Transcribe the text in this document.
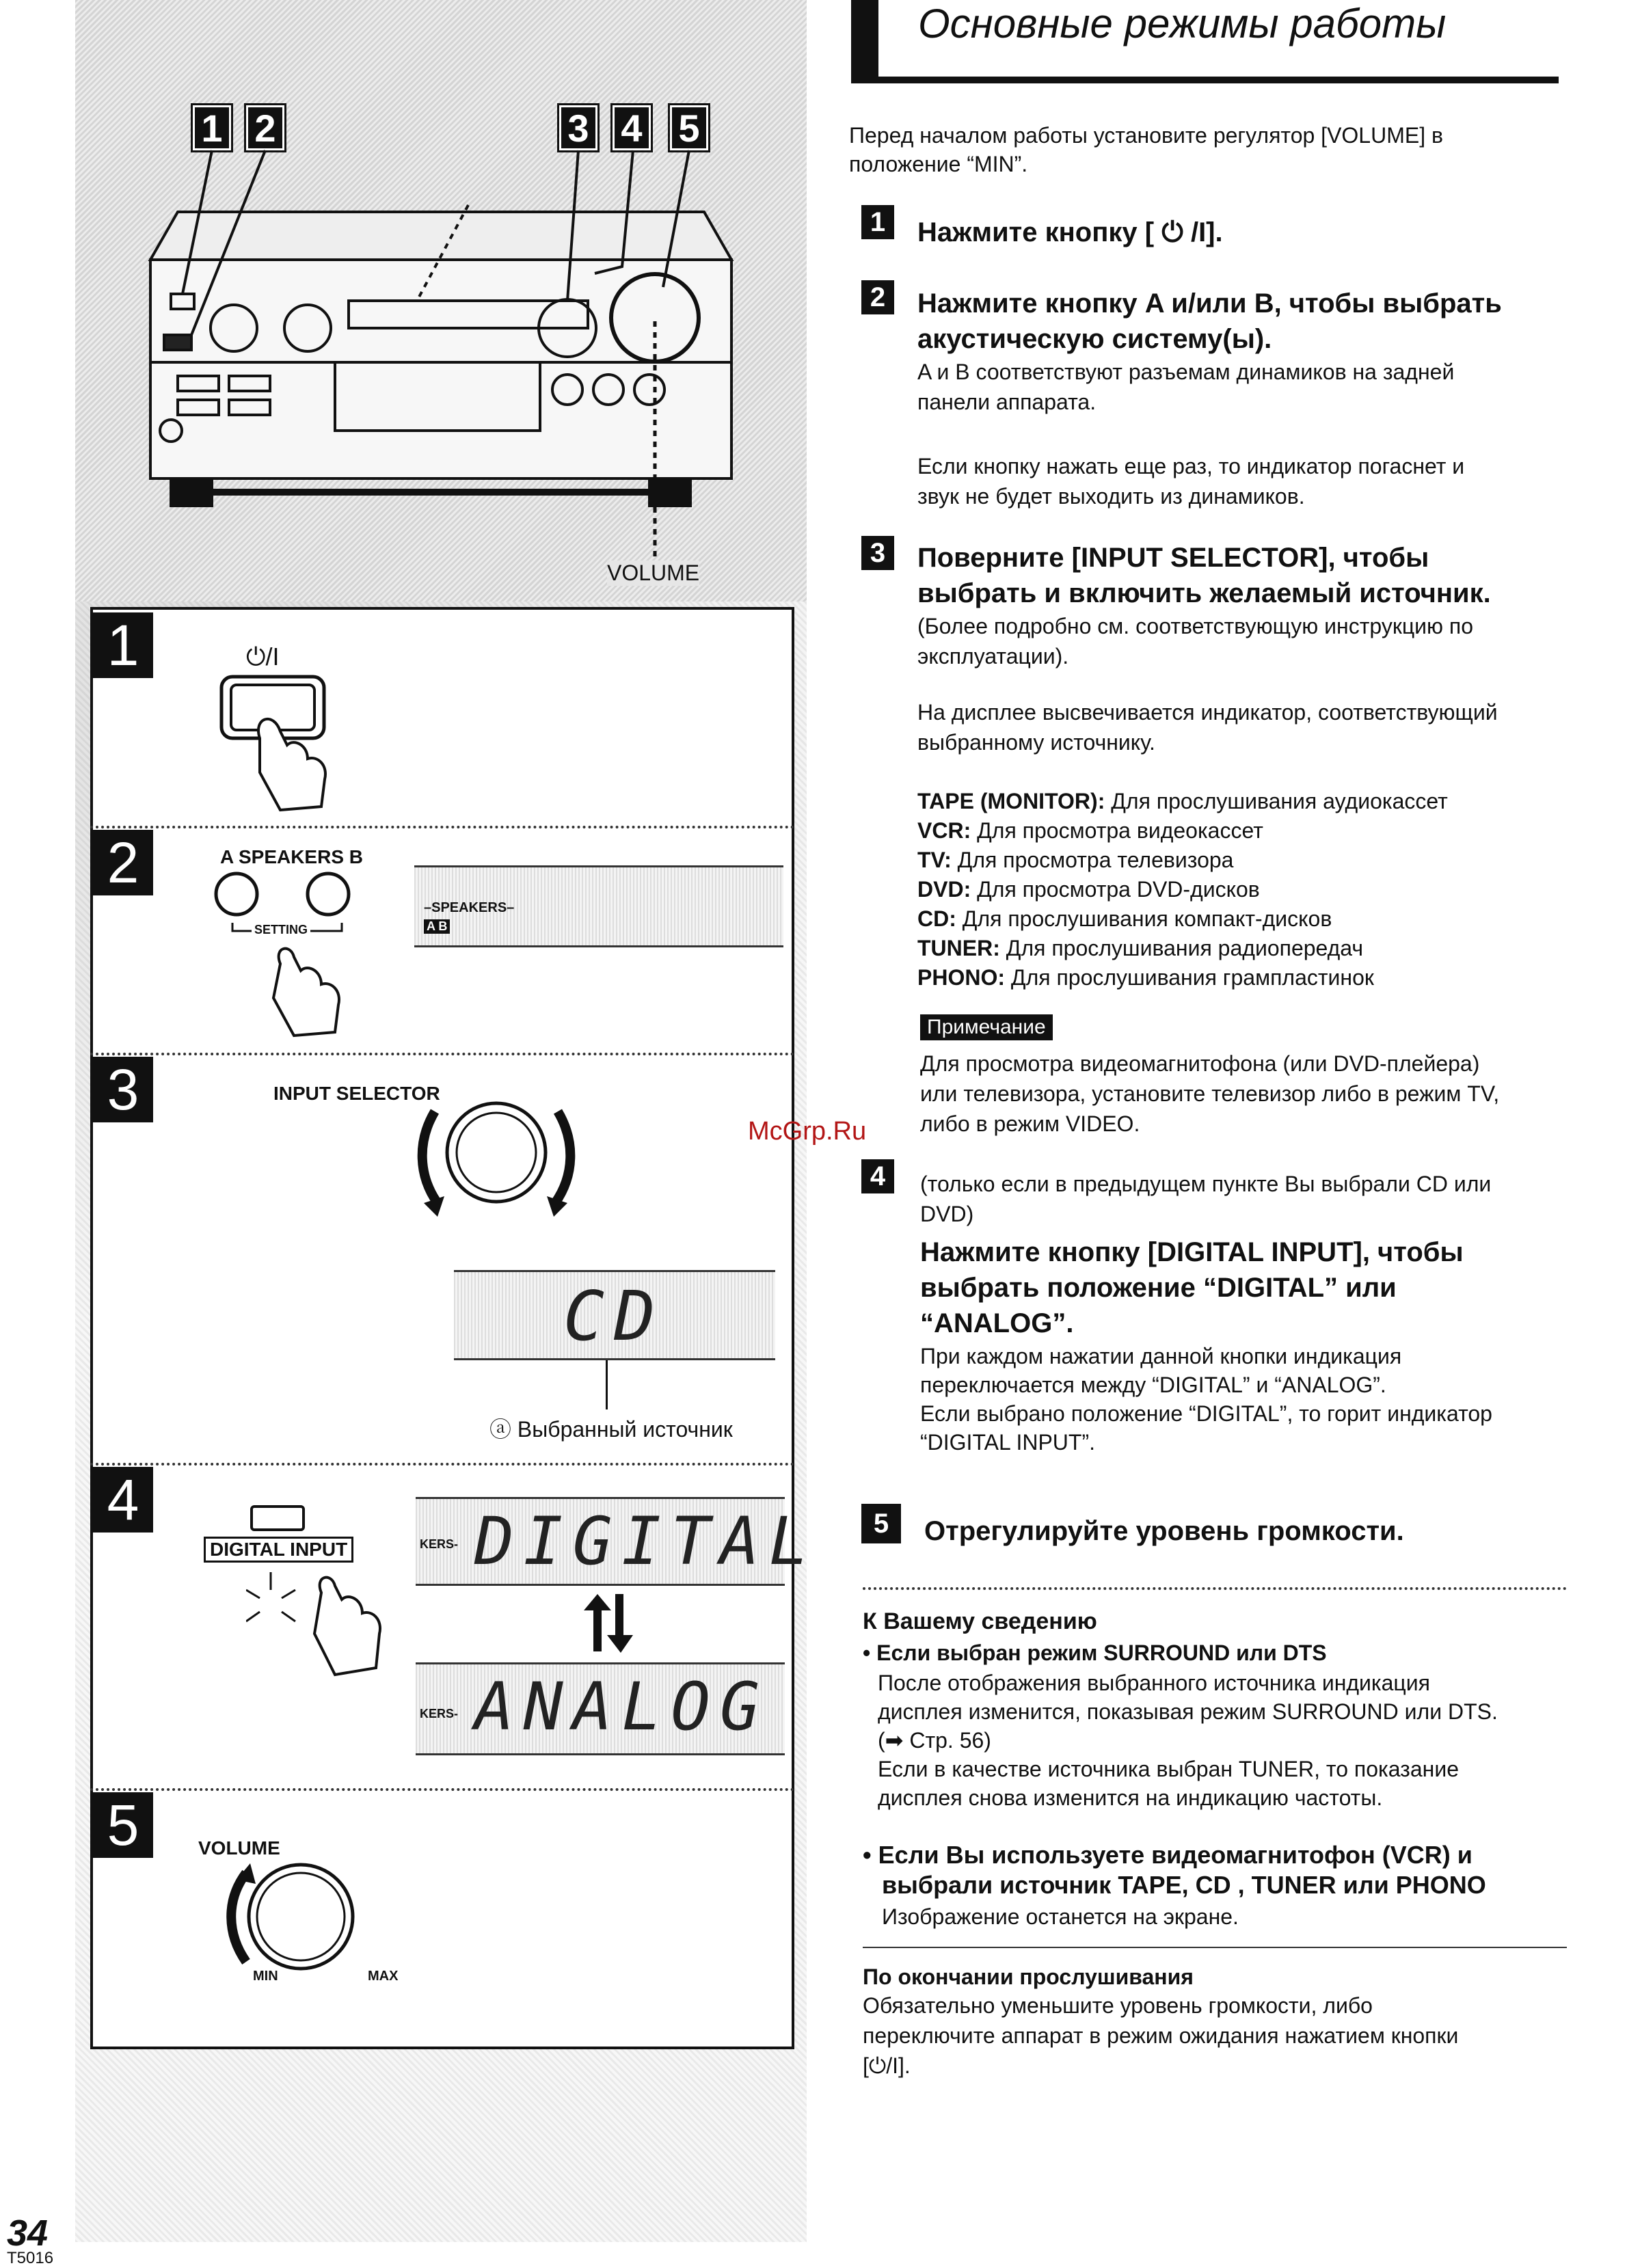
1 2	3 4 5
VOLUME
1
2
3
4
5
⏻/I
A SPEAKERS B
SETTING
–SPEAKERS–
A B
INPUT SELECTOR
CD
ⓐ Выбранный источник
DIGITAL INPUT	KERS- DIGITAL
KERS- ANALOG
VOLUME
MIN	MAX
34
T5016
Основные режимы работы
Перед началом работы установите регулятор [VOLUME] в
положение “MIN”.
1	Нажмите кнопку [ ⏻ /I].
2	Нажмите кнопку A и/или B, чтобы выбрать
акустическую систему(ы).
A и B соответствуют разъемам динамиков на задней
панели аппарата.
Если кнопку нажать еще раз, то индикатор погаснет и
звук не будет выходить из динамиков.
3	Поверните [INPUT SELECTOR], чтобы
выбрать и включить желаемый источник.
(Более подробно см. соответствующую инструкцию по
эксплуатации).
На дисплее высвечивается индикатор, соответствующий
выбранному источнику.
TAPE (MONITOR): Для прослушивания аудиокассет
VCR: Для просмотра видеокассет
TV: Для просмотра телевизора
DVD: Для просмотра DVD-дисков
CD: Для прослушивания компакт-дисков
TUNER: Для прослушивания радиопередач
PHONO: Для прослушивания грампластинок
Примечание
Для просмотра видеомагнитофона (или DVD-плейера)
или телевизора, установите телевизор либо в режим TV,
либо в режим VIDEO.
McGrp.Ru
4	(только если в предыдущем пункте Вы выбрали CD или
DVD)
Нажмите кнопку [DIGITAL INPUT], чтобы
выбрать положение “DIGITAL” или
“ANALOG”.
При каждом нажатии данной кнопки индикация
переключается между “DIGITAL” и “ANALOG”.
Если выбрано положение “DIGITAL”, то горит индикатор
“DIGITAL INPUT”.
5	Отрегулируйте уровень громкости.
К Вашему сведению
• Если выбран режим SURROUND или DTS
После отображения выбранного источника индикация
дисплея изменится, показывая режим SURROUND или DTS.
(➡ Стр. 56)
Если в качестве источника выбран TUNER, то показание
дисплея снова изменится на индикацию частоты.
• Если Вы используете видеомагнитофон (VCR) и
выбрали источник TAPE, CD , TUNER или PHONO
Изображение останется на экране.
По окончании прослушивания
Обязательно уменьшите уровень громкости, либо
переключите аппарат в режим ожидания нажатием кнопки
[⏻/I].
